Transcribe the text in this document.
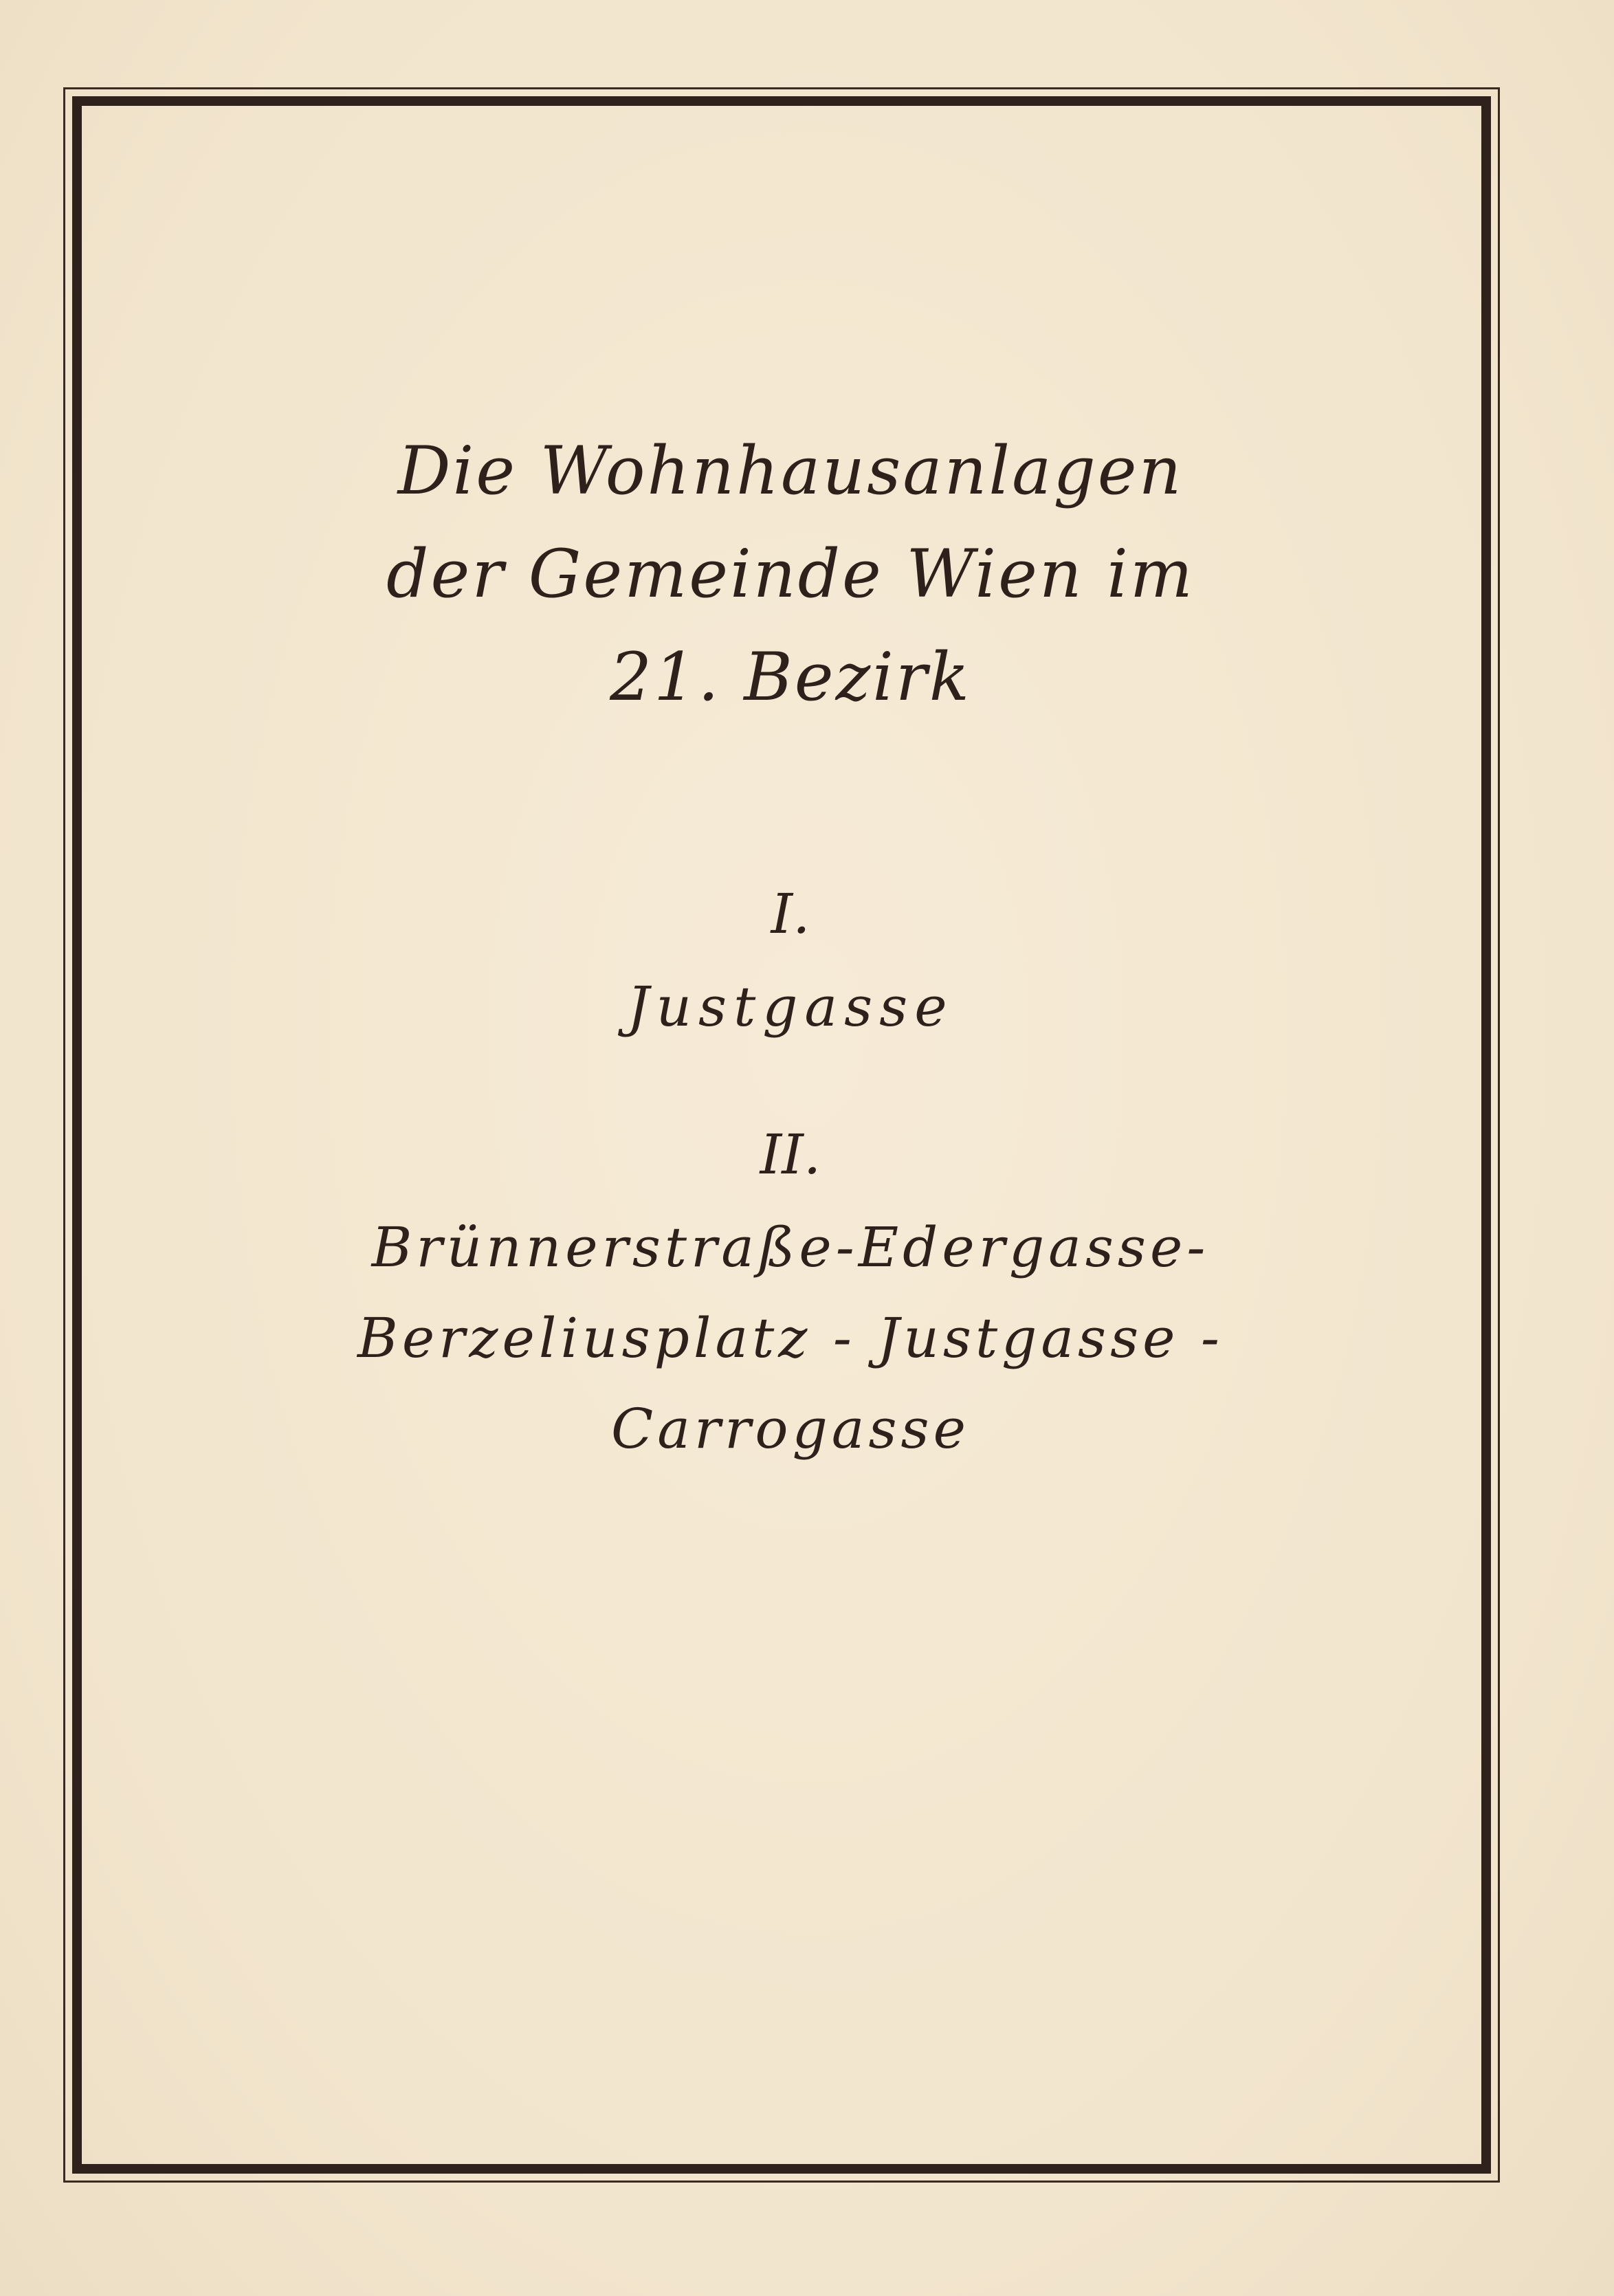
Die Wohnhausanlagen
der Gemeinde Wien im
21. Bezirk
I.
Justgasse
II.
Brünnerstraße-Edergasse-
Berzeliusplatz - Justgasse -
Carrogasse
